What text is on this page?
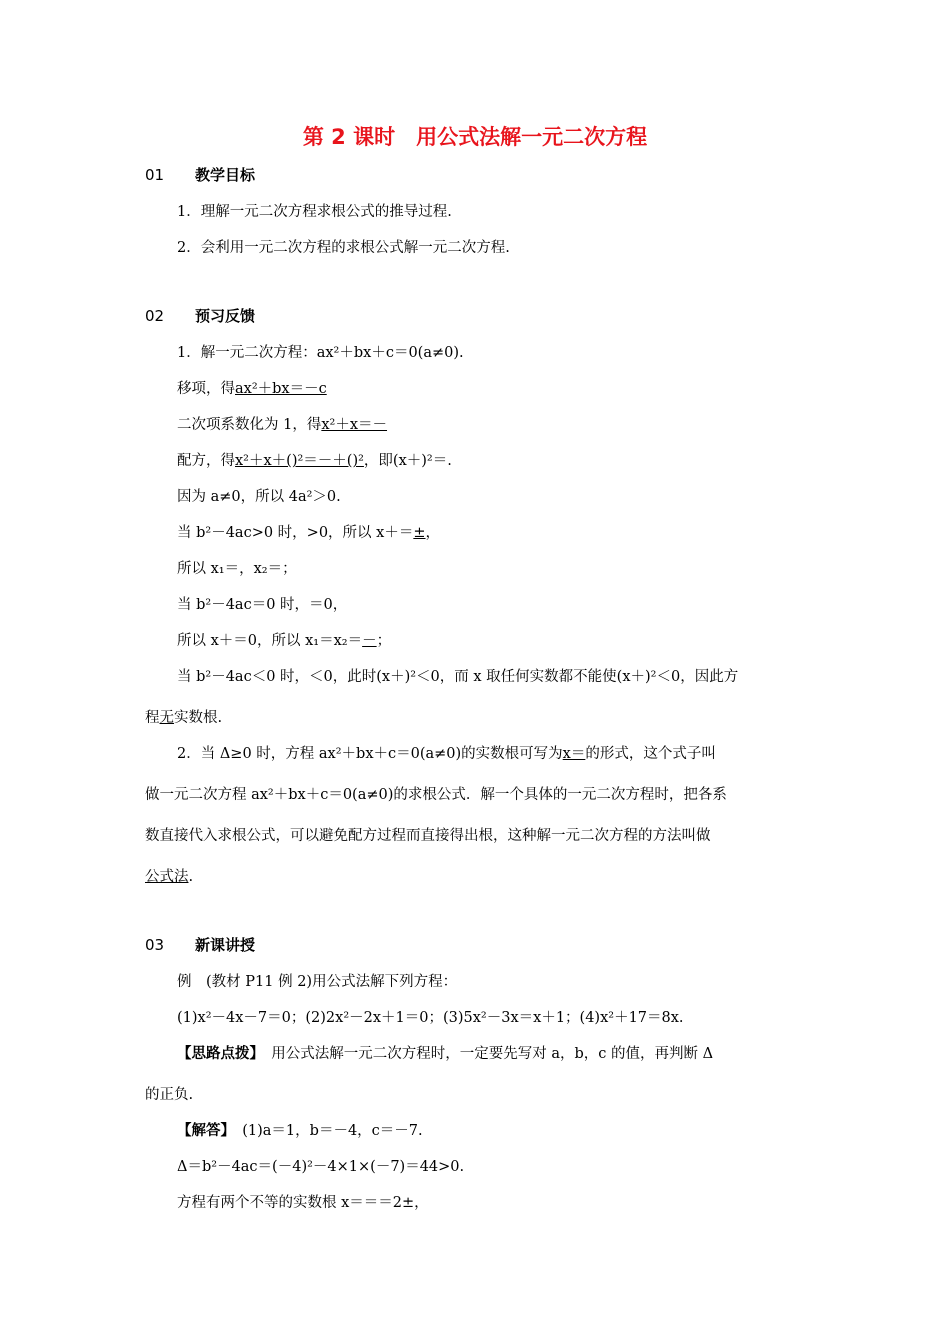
第 2 课时　用公式法解一元二次方程
01 教学目标
1．理解一元二次方程求根公式的推导过程.
2．会利用一元二次方程的求根公式解一元二次方程.
02 预习反馈
1．解一元二次方程：ax²＋bx＋c＝0(a≠0).
移项，得ax²＋bx＝－c
二次项系数化为 1，得x²＋x＝－
配方，得x²＋x＋()²＝－＋()²，即(x＋)²＝.
因为 a≠0，所以 4a²＞0.
当 b²－4ac>0 时，>0，所以 x＋＝±，
所以 x₁＝，x₂＝；
当 b²－4ac＝0 时，＝0，
所以 x＋＝0，所以 x₁＝x₂＝－；
当 b²－4ac＜0 时，＜0，此时(x＋)²＜0，而 x 取任何实数都不能使(x＋)²＜0，因此方
程无实数根.
2．当 Δ≥0 时，方程 ax²＋bx＋c＝0(a≠0)的实数根可写为x＝的形式，这个式子叫
做一元二次方程 ax²＋bx＋c＝0(a≠0)的求根公式．解一个具体的一元二次方程时，把各系
数直接代入求根公式，可以避免配方过程而直接得出根，这种解一元二次方程的方法叫做
公式法.
03 新课讲授
例　(教材 P11 例 2)用公式法解下列方程：
(1)x²－4x－7＝0；(2)2x²－2x＋1＝0；(3)5x²－3x＝x＋1；(4)x²＋17＝8x.
【思路点拨】　用公式法解一元二次方程时，一定要先写对 a，b，c 的值，再判断 Δ
的正负.
【解答】　(1)a＝1，b＝－4，c＝－7.
Δ＝b²－4ac＝(－4)²－4×1×(－7)＝44>0.
方程有两个不等的实数根 x＝＝＝2±，
